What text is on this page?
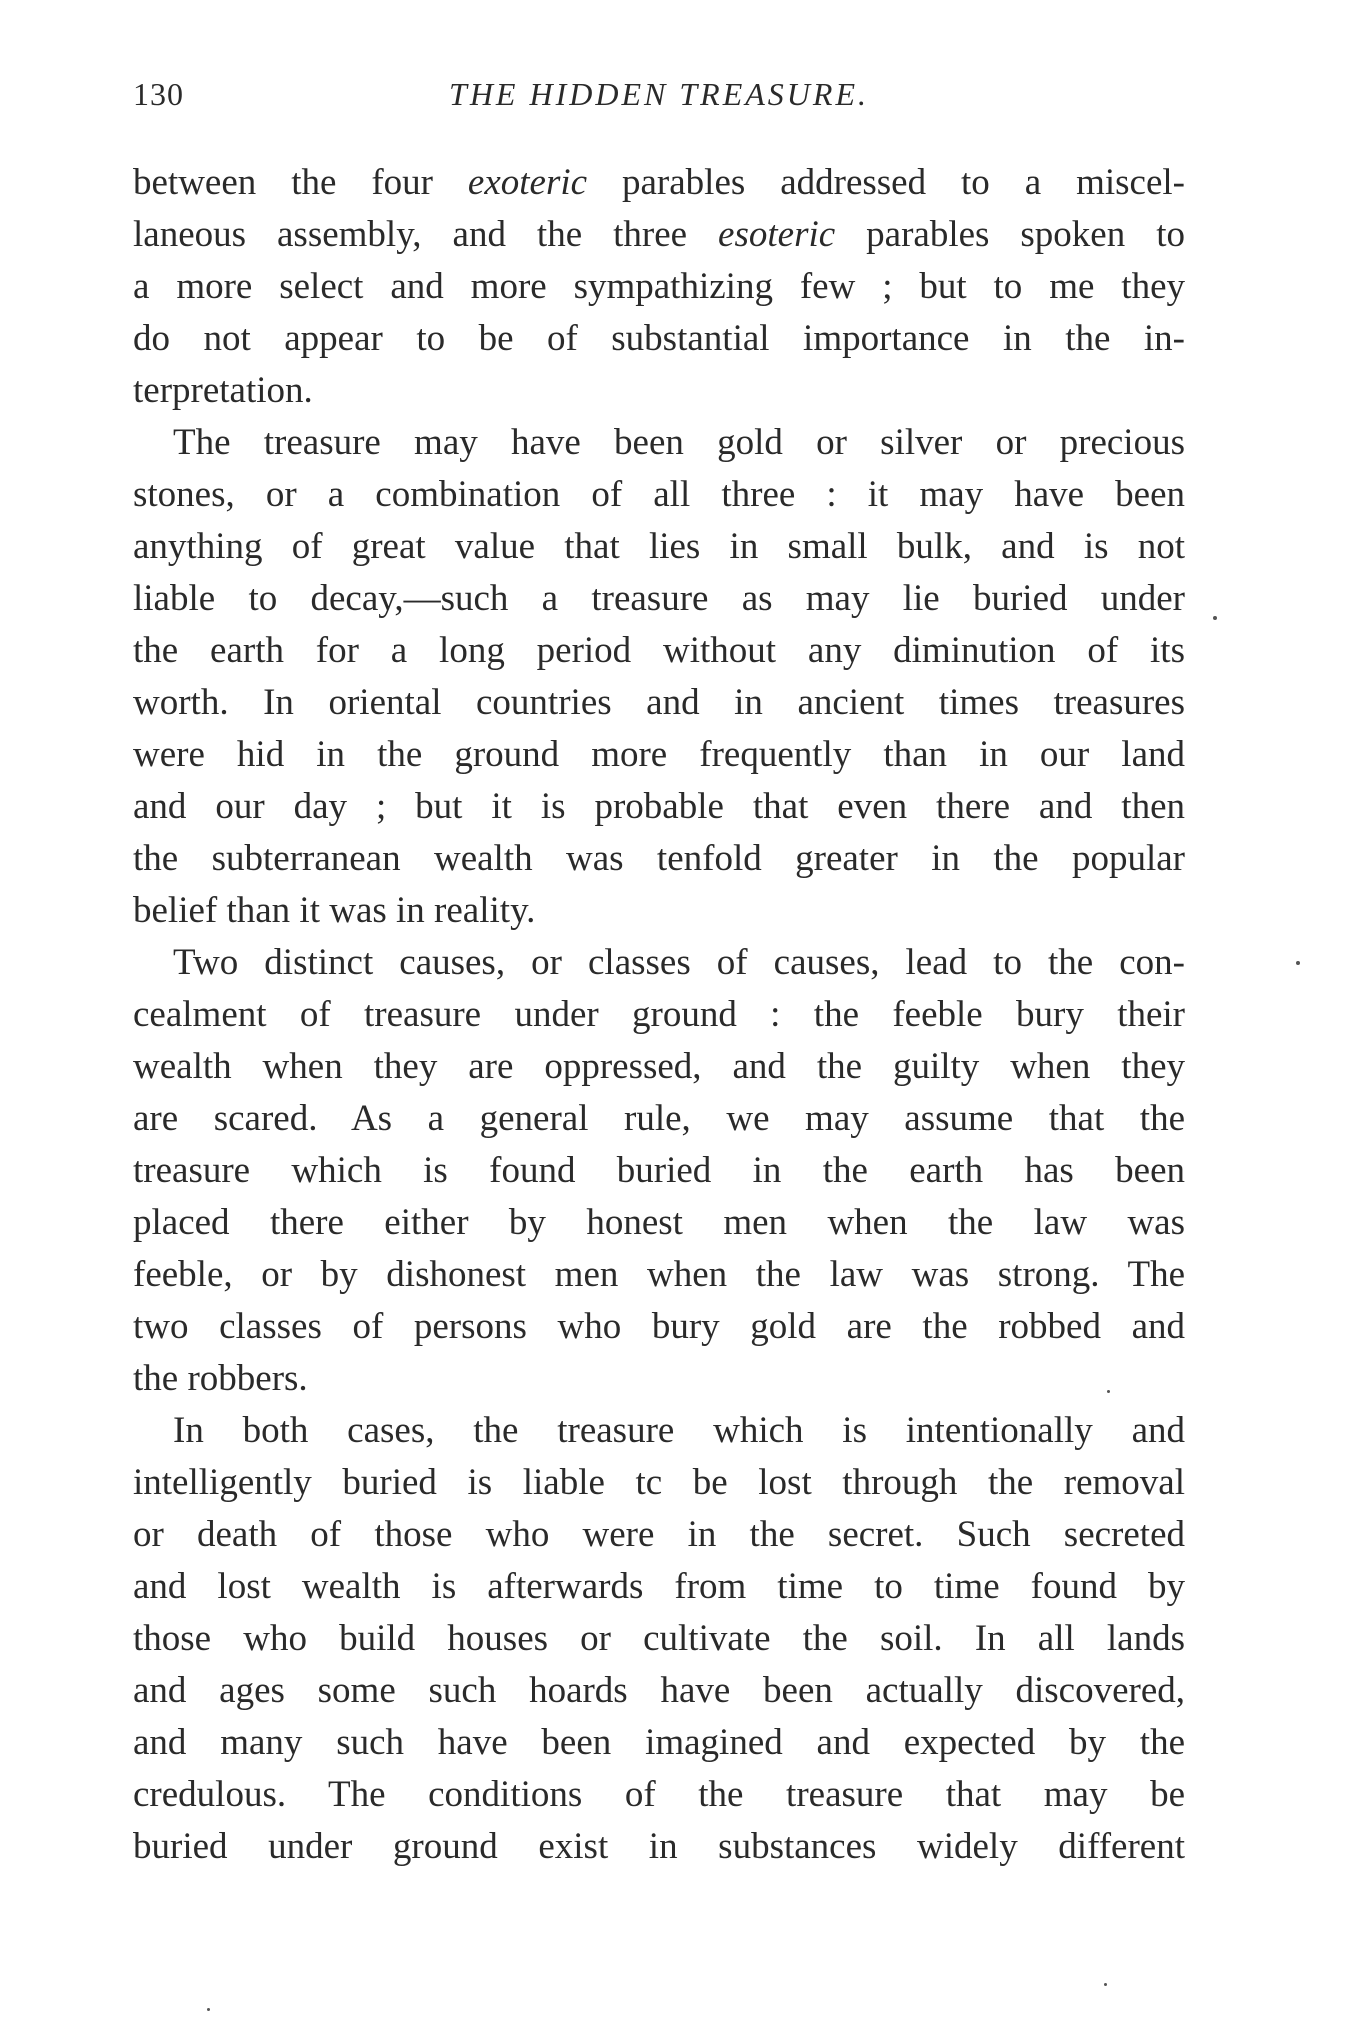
130	THE HIDDEN TREASURE.
between the four exoteric parables addressed to a miscel-
laneous assembly, and the three esoteric parables spoken to
a more select and more sympathizing few ; but to me they
do not appear to be of substantial importance in the in-
terpretation.
The treasure may have been gold or silver or precious
stones, or a combination of all three : it may have been
anything of great value that lies in small bulk, and is not
liable to decay,—such a treasure as may lie buried under
the earth for a long period without any diminution of its
worth. In oriental countries and in ancient times treasures
were hid in the ground more frequently than in our land
and our day ; but it is probable that even there and then
the subterranean wealth was tenfold greater in the popular
belief than it was in reality.
Two distinct causes, or classes of causes, lead to the con-
cealment of treasure under ground : the feeble bury their
wealth when they are oppressed, and the guilty when they
are scared. As a general rule, we may assume that the
treasure which is found buried in the earth has been
placed there either by honest men when the law was
feeble, or by dishonest men when the law was strong. The
two classes of persons who bury gold are the robbed and
the robbers.
In both cases, the treasure which is intentionally and
intelligently buried is liable tc be lost through the removal
or death of those who were in the secret. Such secreted
and lost wealth is afterwards from time to time found by
those who build houses or cultivate the soil. In all lands
and ages some such hoards have been actually discovered,
and many such have been imagined and expected by the
credulous. The conditions of the treasure that may be
buried under ground exist in substances widely different
